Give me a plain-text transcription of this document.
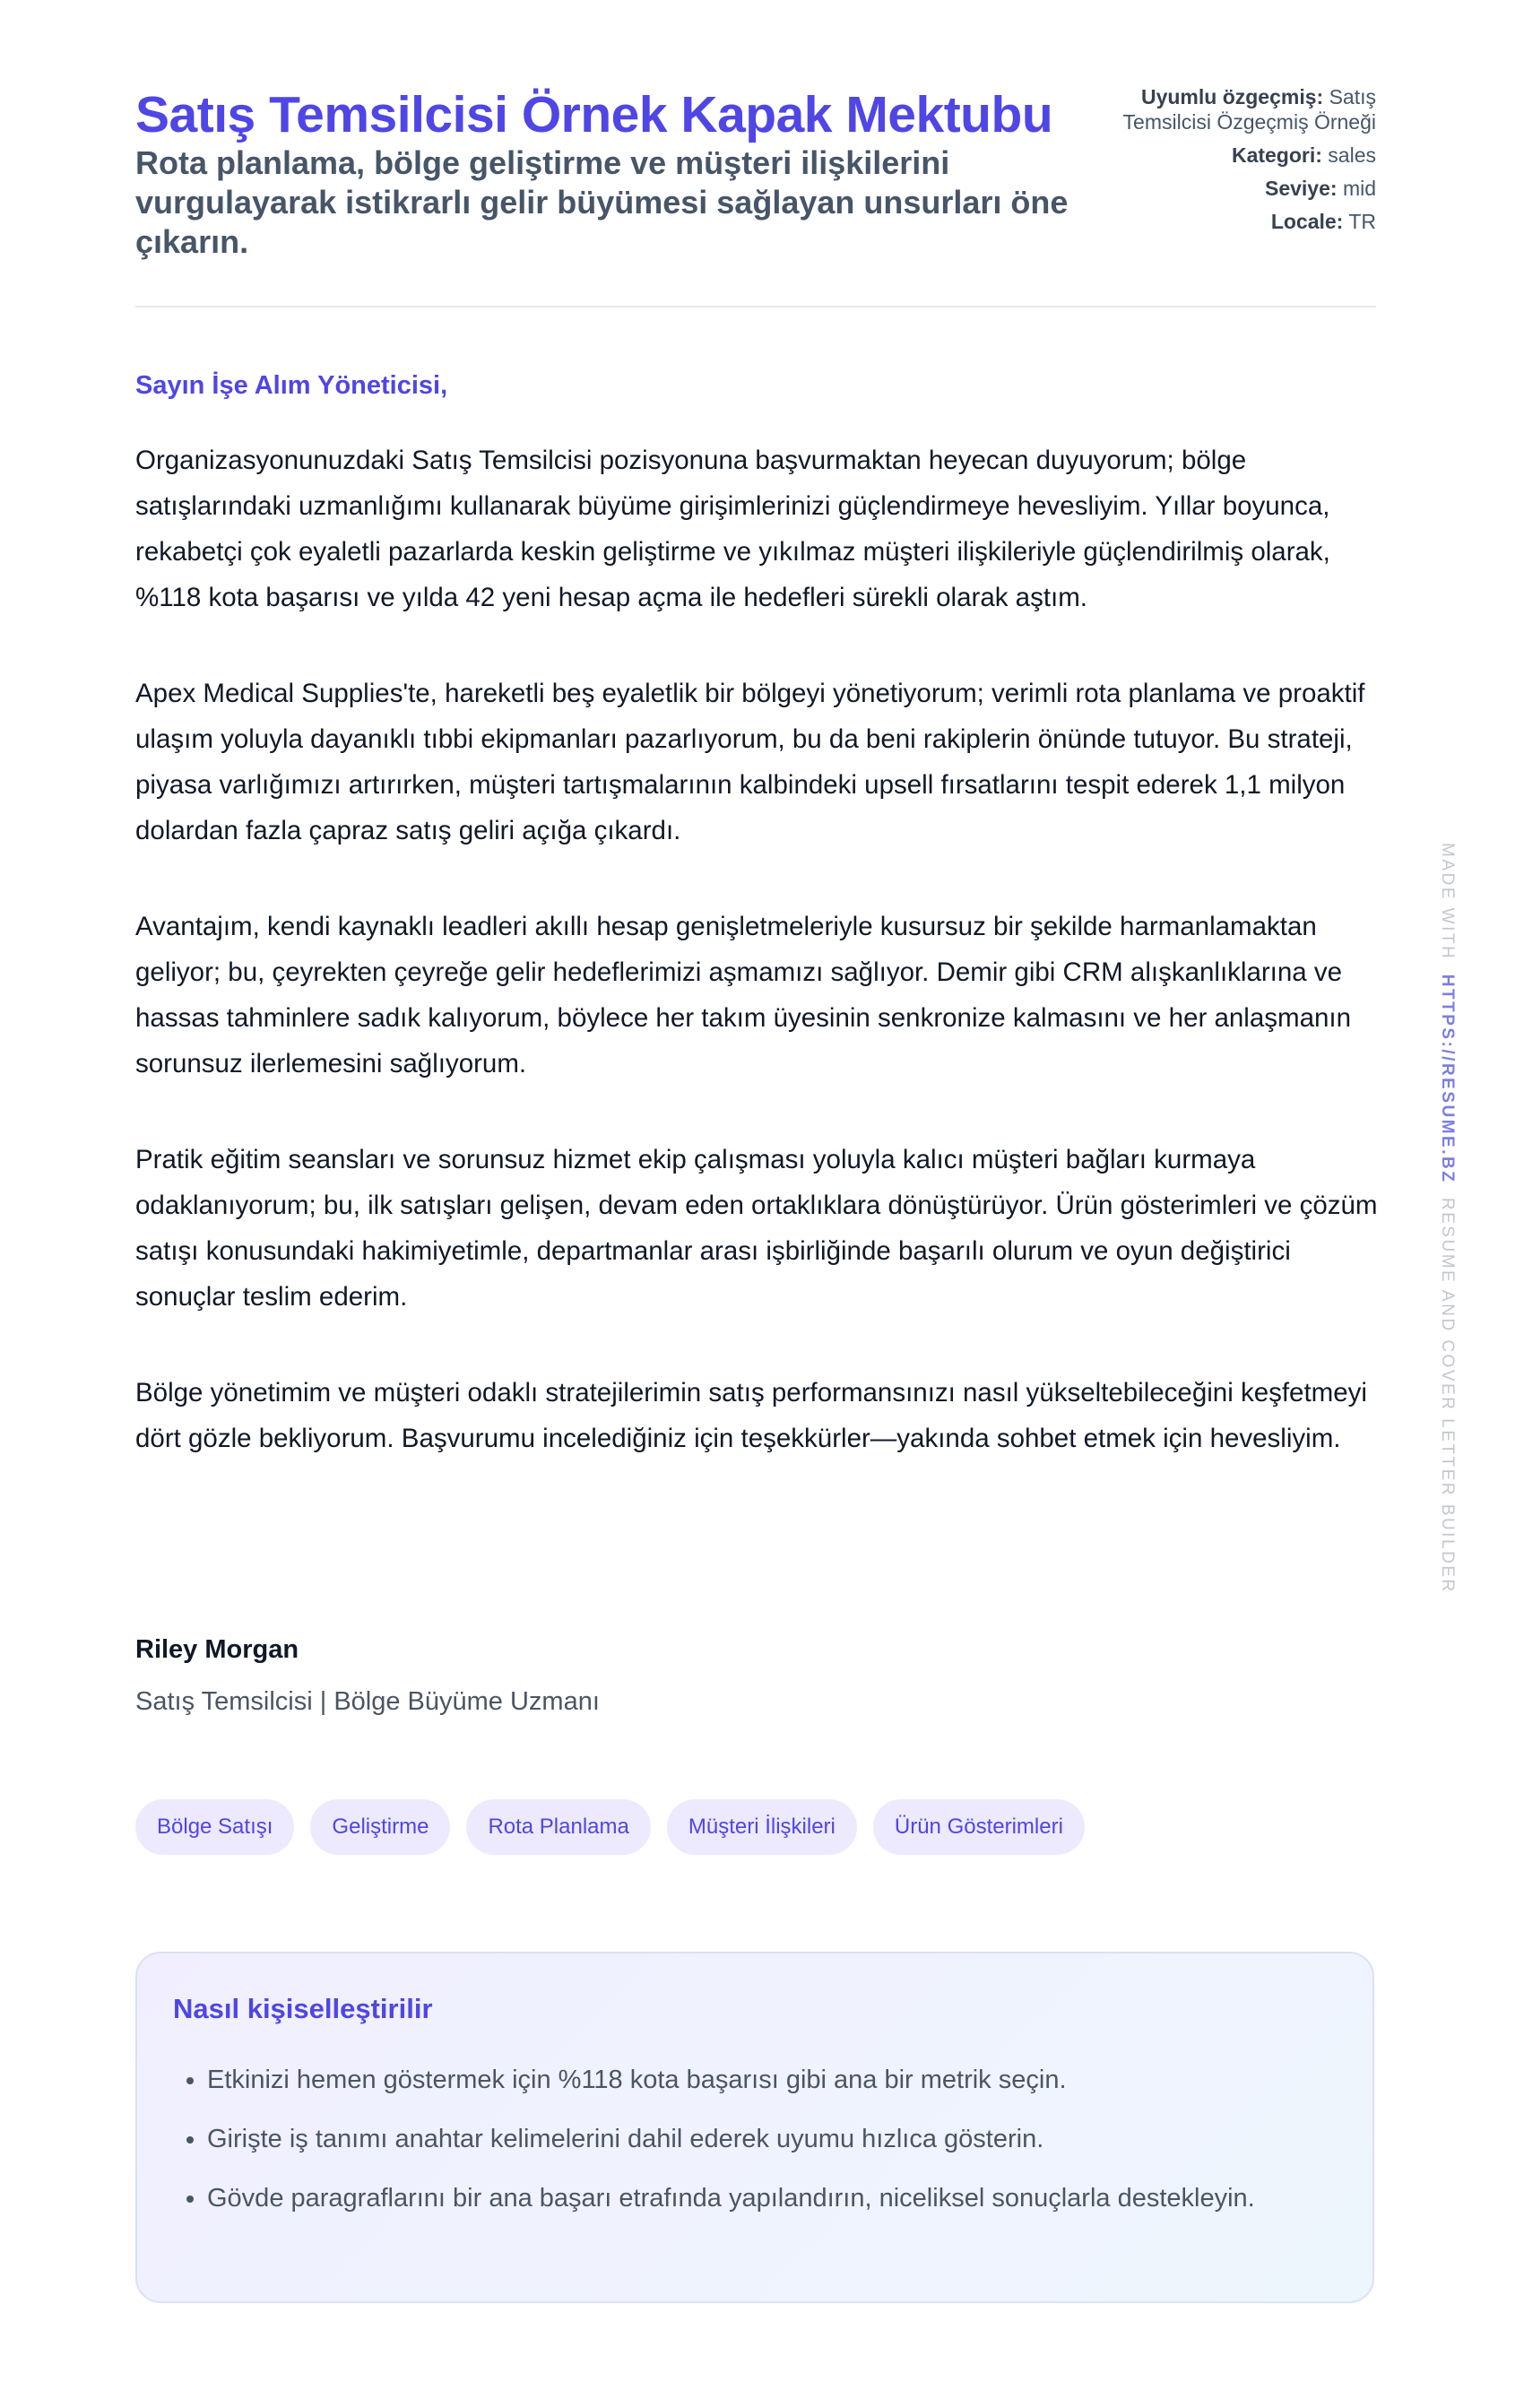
Satış Temsilcisi Örnek Kapak Mektubu
Rota planlama, bölge geliştirme ve müşteri ilişkilerini vurgulayarak istikrarlı gelir büyümesi sağlayan unsurları öne çıkarın.
Uyumlu özgeçmiş: Satış Temsilcisi Özgeçmiş Örneği
Kategori: sales
Seviye: mid
Locale: TR
Sayın İşe Alım Yöneticisi,

Organizasyonunuzdaki Satış Temsilcisi pozisyonuna başvurmaktan heyecan duyuyorum; bölge satışlarındaki uzmanlığımı kullanarak büyüme girişimlerinizi güçlendirmeye hevesliyim. Yıllar boyunca, rekabetçi çok eyaletli pazarlarda keskin geliştirme ve yıkılmaz müşteri ilişkileriyle güçlendirilmiş olarak, %118 kota başarısı ve yılda 42 yeni hesap açma ile hedefleri sürekli olarak aştım.

Apex Medical Supplies'te, hareketli beş eyaletlik bir bölgeyi yönetiyorum; verimli rota planlama ve proaktif ulaşım yoluyla dayanıklı tıbbi ekipmanları pazarlıyorum, bu da beni rakiplerin önünde tutuyor. Bu strateji, piyasa varlığımızı artırırken, müşteri tartışmalarının kalbindeki upsell fırsatlarını tespit ederek 1,1 milyon dolardan fazla çapraz satış geliri açığa çıkardı.

Avantajım, kendi kaynaklı leadleri akıllı hesap genişletmeleriyle kusursuz bir şekilde harmanlamaktan geliyor; bu, çeyrekten çeyreğe gelir hedeflerimizi aşmamızı sağlıyor. Demir gibi CRM alışkanlıklarına ve hassas tahminlere sadık kalıyorum, böylece her takım üyesinin senkronize kalmasını ve her anlaşmanın sorunsuz ilerlemesini sağlıyorum.

Pratik eğitim seansları ve sorunsuz hizmet ekip çalışması yoluyla kalıcı müşteri bağları kurmaya odaklanıyorum; bu, ilk satışları gelişen, devam eden ortaklıklara dönüştürüyor. Ürün gösterimleri ve çözüm satışı konusundaki hakimiyetimle, departmanlar arası işbirliğinde başarılı olurum ve oyun değiştirici sonuçlar teslim ederim.

Bölge yönetimim ve müşteri odaklı stratejilerimin satış performansınızı nasıl yükseltebileceğini keşfetmeyi dört gözle bekliyorum. Başvurumu incelediğiniz için teşekkürler—yakında sohbet etmek için hevesliyim.

Riley Morgan
Satış Temsilcisi | Bölge Büyüme Uzmanı
Bölge Satışı	Geliştirme	Rota Planlama	Müşteri İlişkileri	Ürün Gösterimleri
Nasıl kişiselleştirilir
• Etkinizi hemen göstermek için %118 kota başarısı gibi ana bir metrik seçin.
• Girişte iş tanımı anahtar kelimelerini dahil ederek uyumu hızlıca gösterin.
• Gövde paragraflarını bir ana başarı etrafında yapılandırın, niceliksel sonuçlarla destekleyin.
MADE WITH  HTTPS://RESUME.BZ  RESUME AND COVER LETTER BUILDER
